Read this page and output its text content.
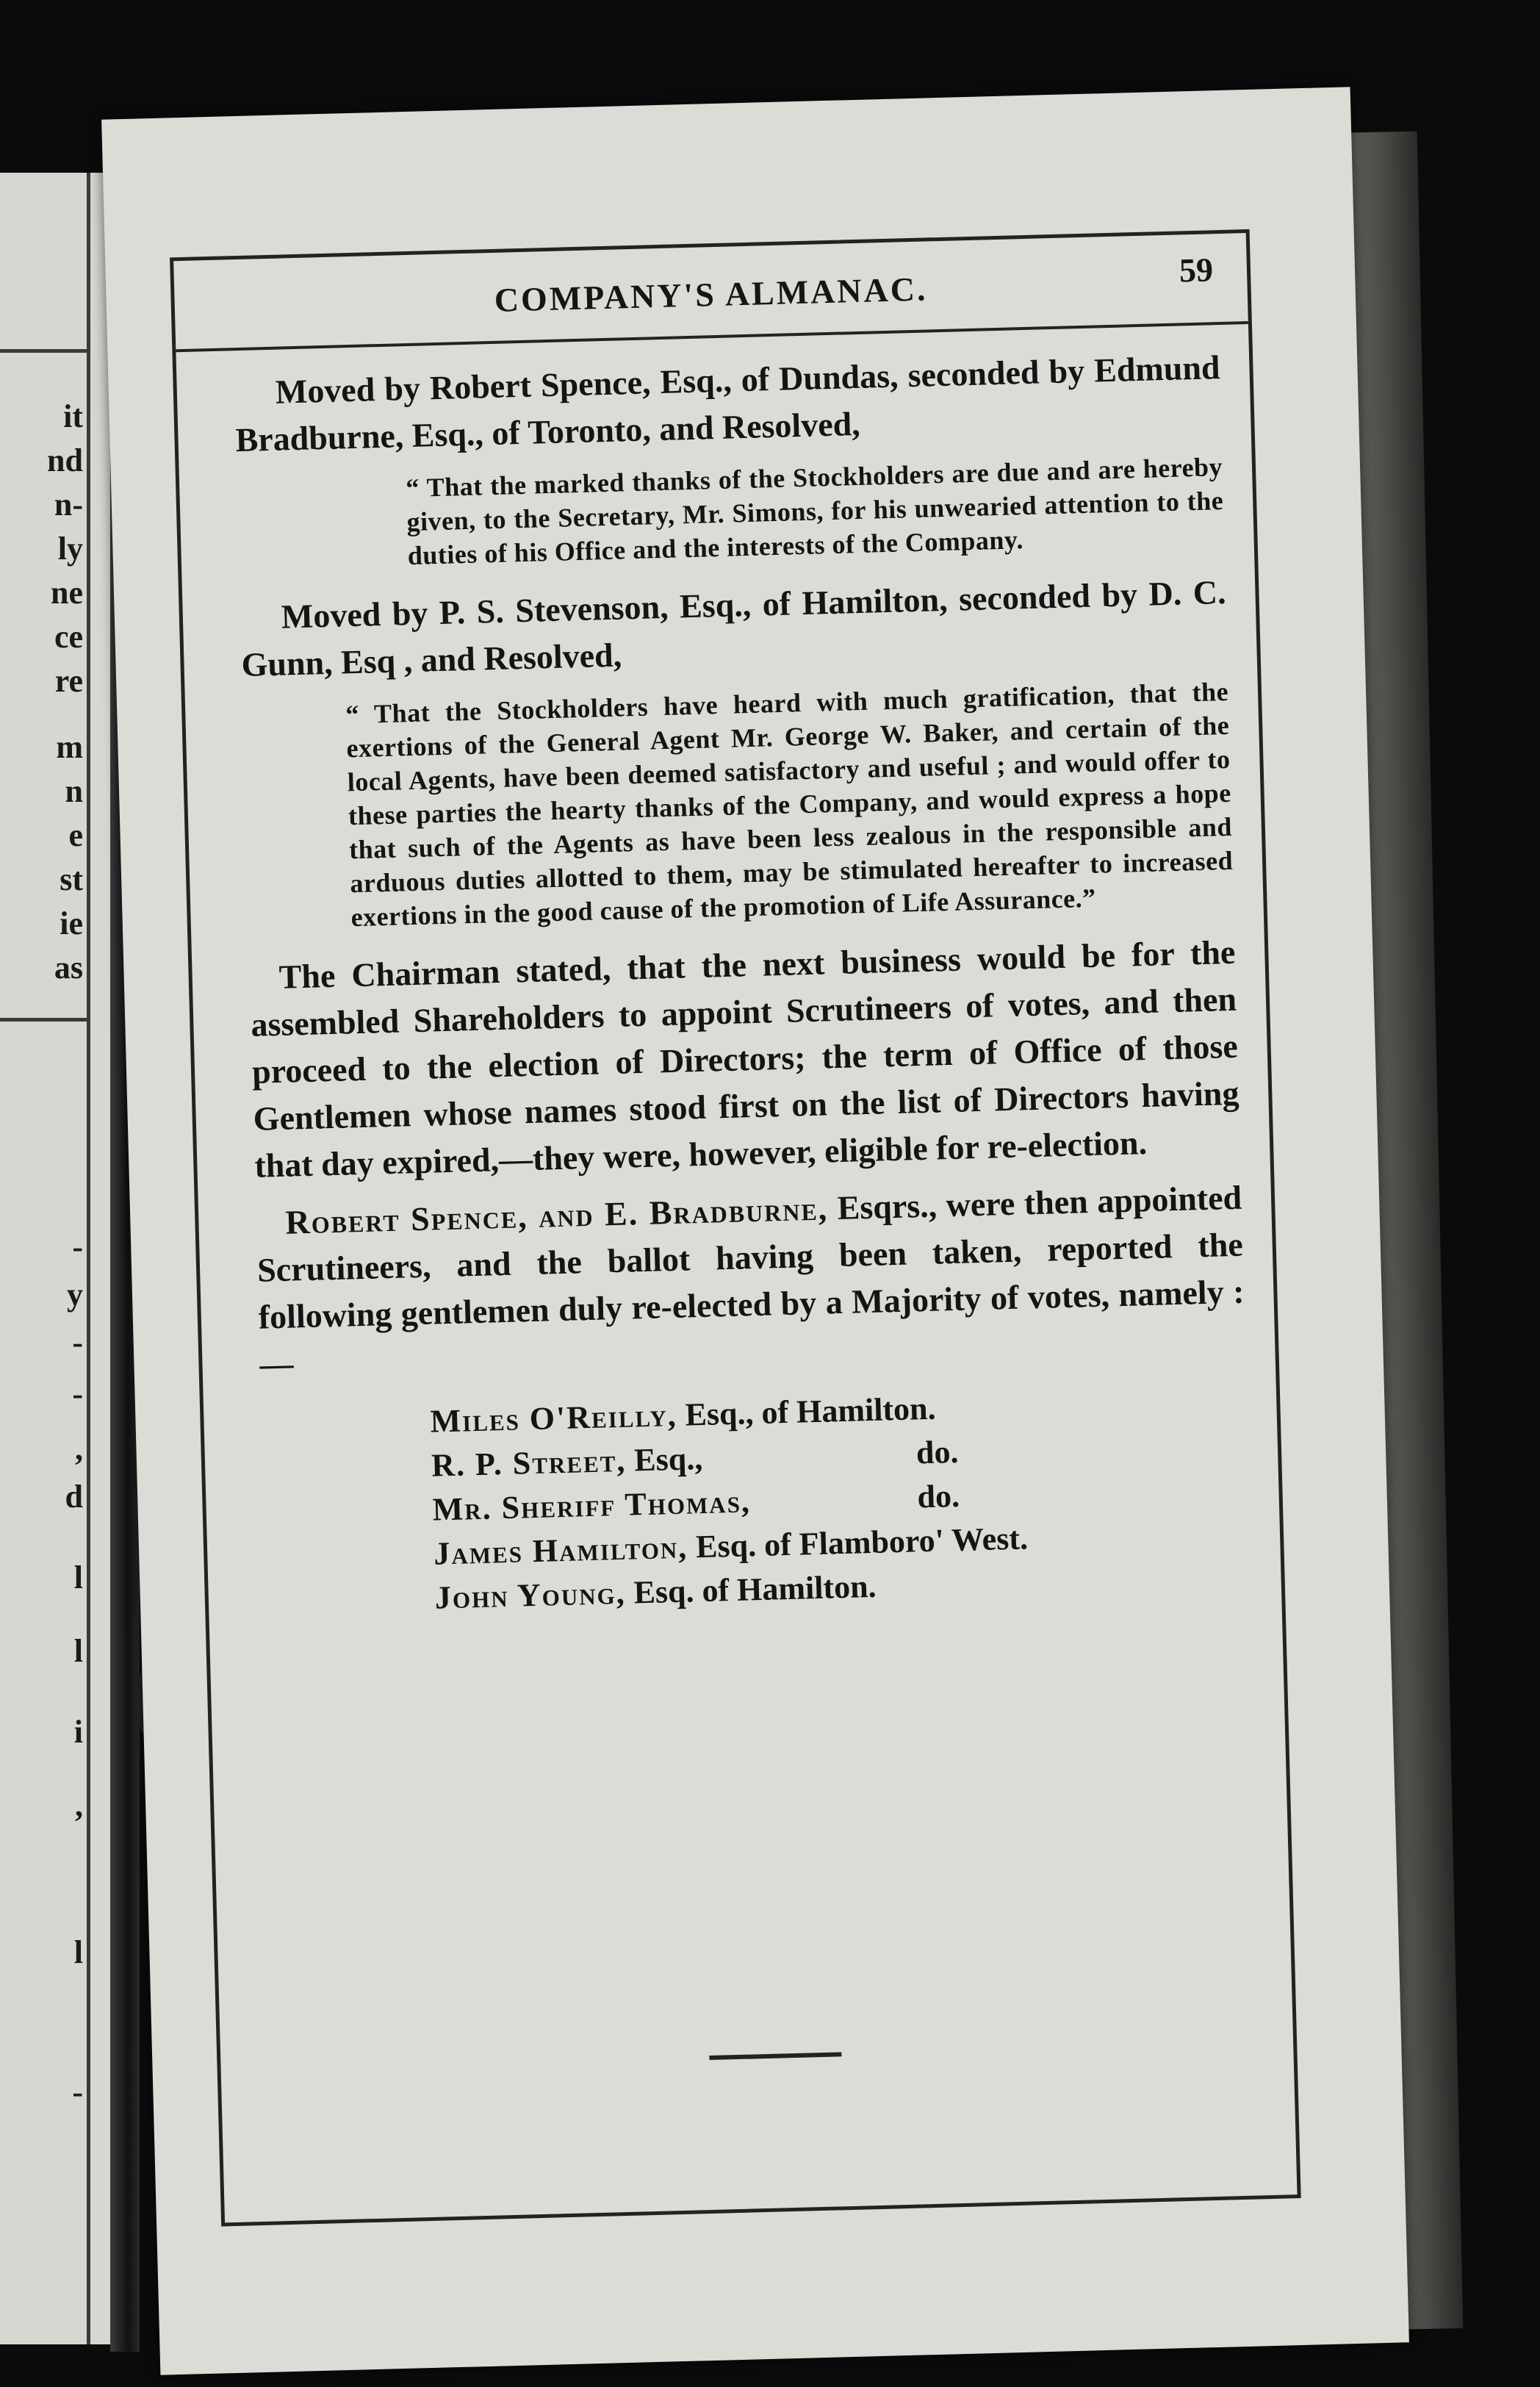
it
nd
n-
ly
ne
ce
re
m
n
e
st
ie
as
-
y
-
-
,
d
l
l
i
,
l
-
COMPANY'S ALMANAC.
59

Moved by Robert Spence, Esq., of Dundas, seconded by Edmund Bradburne, Esq., of Toronto, and Resolved,

“ That the marked thanks of the Stockholders are due and are hereby given, to the Secretary, Mr. Simons, for his unwearied attention to the duties of his Office and the interests of the Company.

Moved by P. S. Stevenson, Esq., of Hamilton, seconded by D. C. Gunn, Esq , and Resolved,

“ That the Stockholders have heard with much gratification, that the exertions of the General Agent Mr. George W. Baker, and certain of the local Agents, have been deemed satisfactory and useful ; and would offer to these parties the hearty thanks of the Company, and would express a hope that such of the Agents as have been less zealous in the responsible and arduous duties allotted to them, may be stimulated hereafter to increased exertions in the good cause of the promotion of Life Assurance.”

The Chairman stated, that the next business would be for the assembled Shareholders to appoint Scrutineers of votes, and then proceed to the election of Directors; the term of Office of those Gentlemen whose names stood first on the list of Directors having that day expired,—they were, however, eligible for re-election.

Robert Spence, and E. Bradburne, Esqrs., were then appointed Scrutineers, and the ballot having been taken, reported the following gentlemen duly re-elected by a Majority of votes, namely :—

Miles O'Reilly, Esq., of Hamilton.
R. P. Street, Esq.,	do.
Mr. Sheriff Thomas,	do.
James Hamilton, Esq. of Flamboro' West.
John Young, Esq. of Hamilton.
